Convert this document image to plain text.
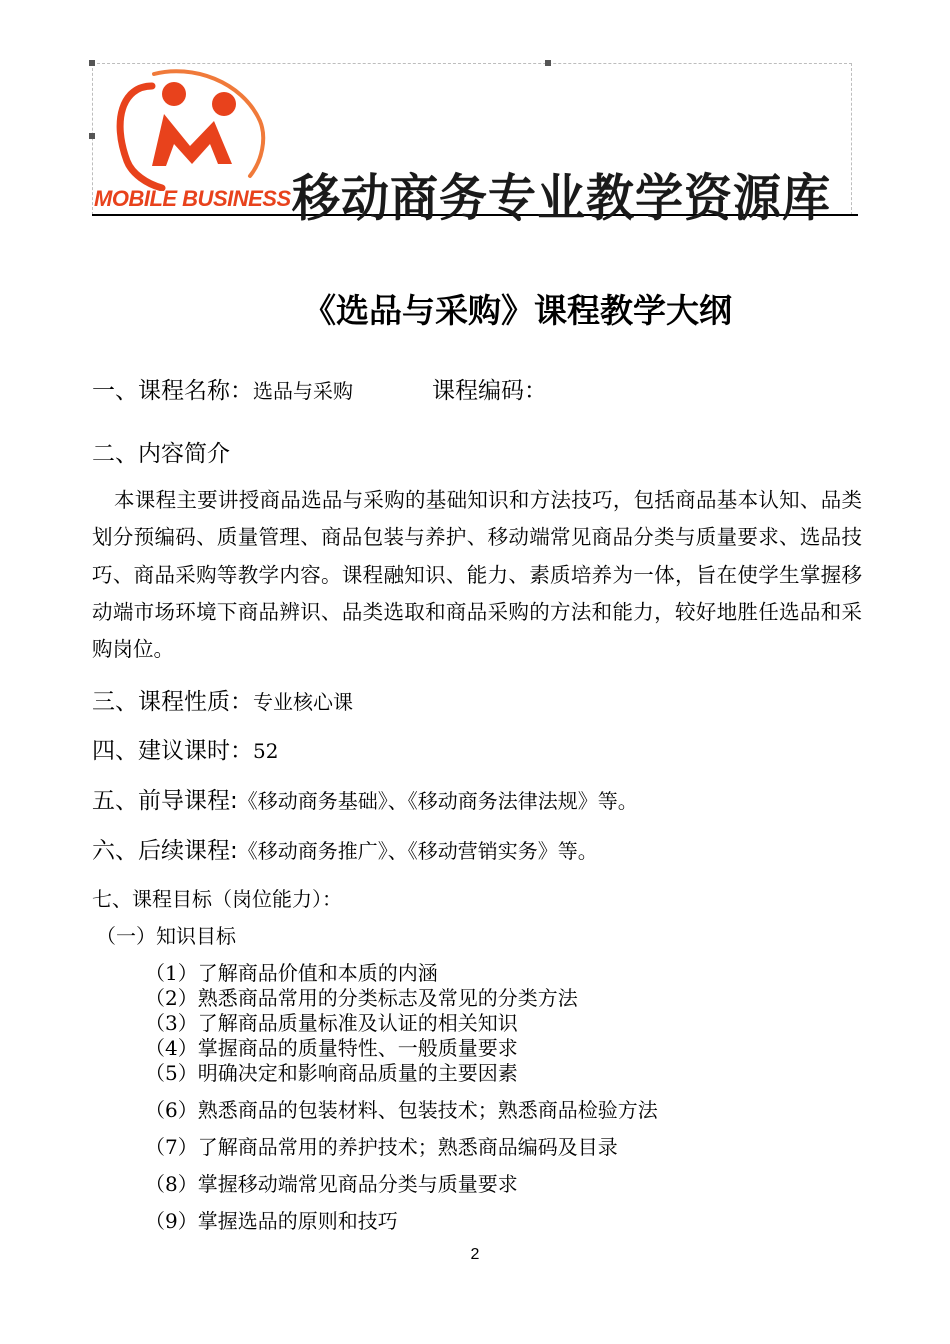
MOBILE BUSINESS 移动商务专业教学资源库
《选品与采购》课程教学大纲
一、课程名称：选品与采购	课程编码：
二、内容简介
本课程主要讲授商品选品与采购的基础知识和方法技巧，包括商品基本认知、品类划分预编码、质量管理、商品包装与养护、移动端常见商品分类与质量要求、选品技巧、商品采购等教学内容。课程融知识、能力、素质培养为一体，旨在使学生掌握移动端市场环境下商品辨识、品类选取和商品采购的方法和能力，较好地胜任选品和采购岗位。
三、课程性质：专业核心课
四、建议课时：52
五、前导课程:《移动商务基础》、《移动商务法律法规》等。
六、后续课程:《移动商务推广》、《移动营销实务》等。
七、课程目标（岗位能力）：
（一）知识目标
（1）了解商品价值和本质的内涵
（2）熟悉商品常用的分类标志及常见的分类方法
（3）了解商品质量标准及认证的相关知识
（4）掌握商品的质量特性、一般质量要求
（5）明确决定和影响商品质量的主要因素
（6）熟悉商品的包装材料、包装技术；熟悉商品检验方法
（7）了解商品常用的养护技术；熟悉商品编码及目录
（8）掌握移动端常见商品分类与质量要求
（9）掌握选品的原则和技巧
2
